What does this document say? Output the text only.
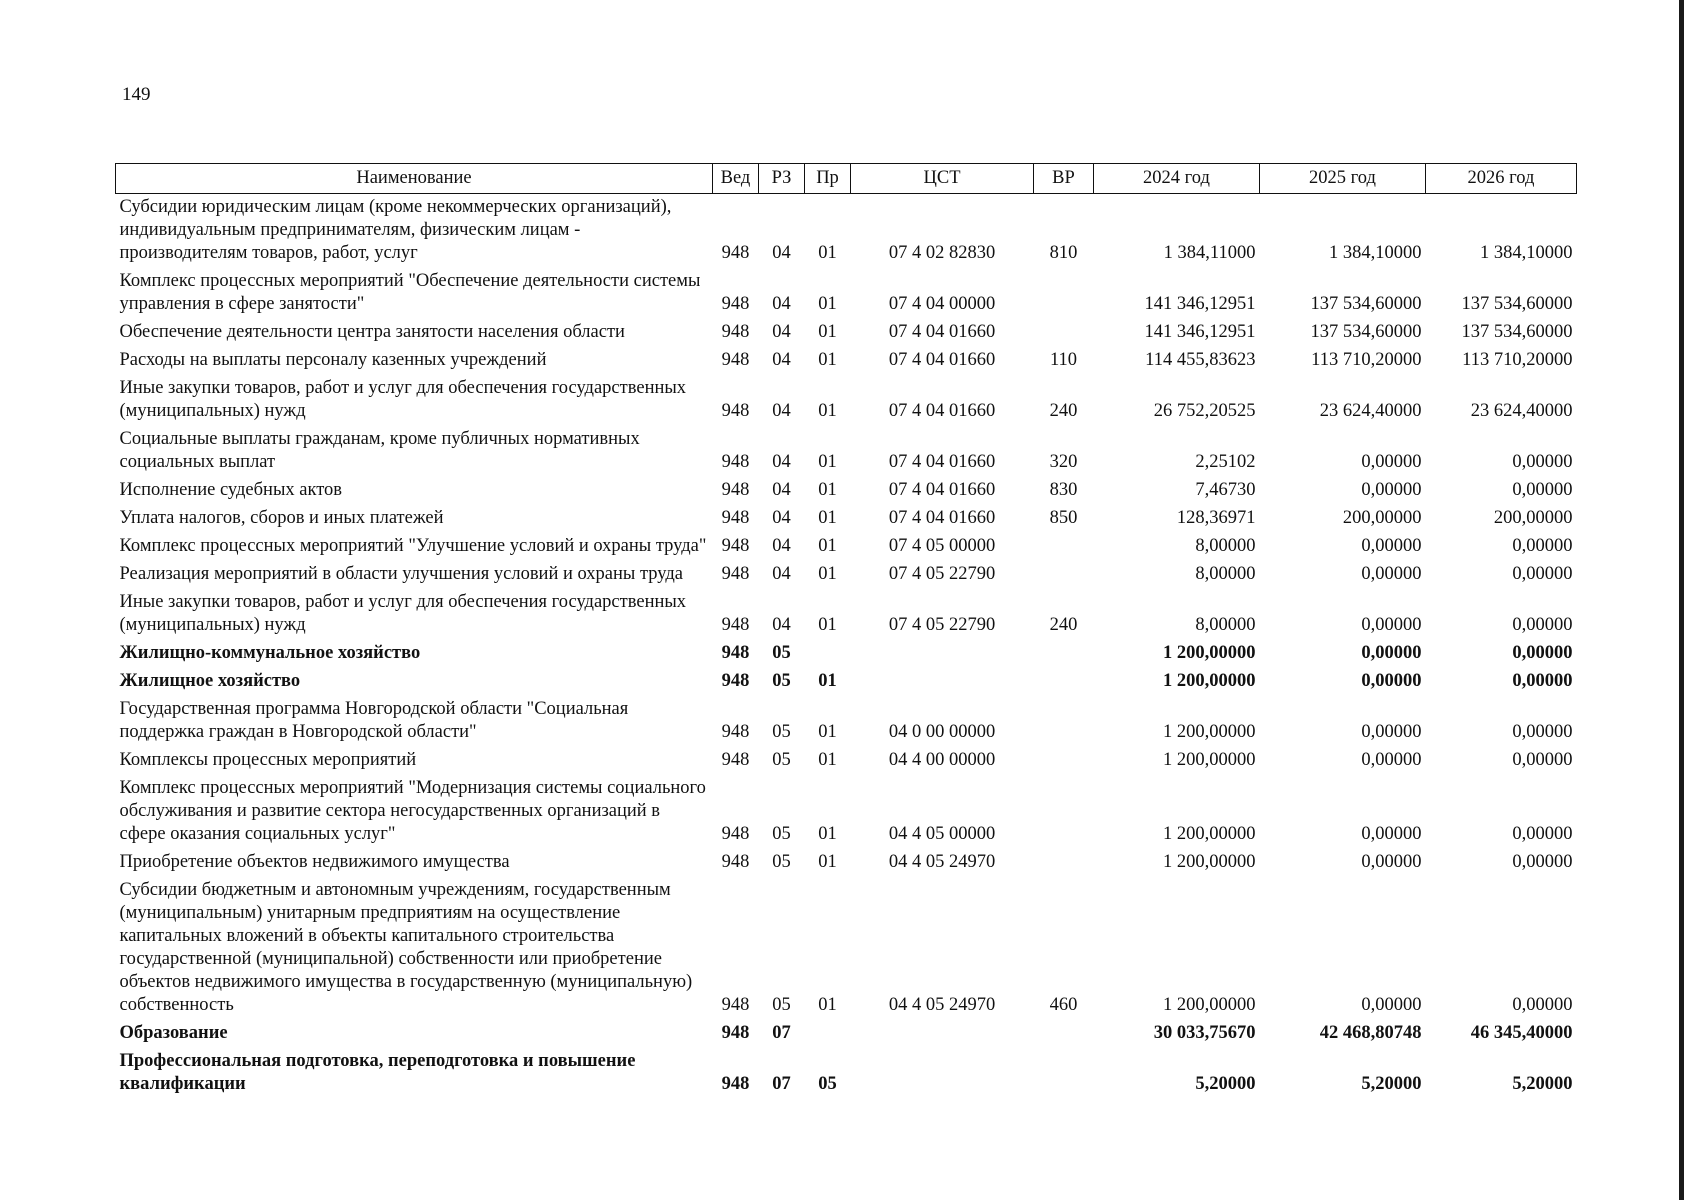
149
Наименование	Вед	РЗ	Пр	ЦСТ	ВР	2024 год	2025 год	2026 год
Субсидии юридическим лицам (кроме некоммерческих организаций), индивидуальным предпринимателям, физическим лицам - производителям товаров, работ, услуг	948	04	01	07 4 02 82830	810	1 384,11000	1 384,10000	1 384,10000
Комплекс процессных мероприятий "Обеспечение деятельности системы управления в сфере занятости"	948	04	01	07 4 04 00000		141 346,12951	137 534,60000	137 534,60000
Обеспечение деятельности центра занятости населения области	948	04	01	07 4 04 01660		141 346,12951	137 534,60000	137 534,60000
Расходы на выплаты персоналу казенных учреждений	948	04	01	07 4 04 01660	110	114 455,83623	113 710,20000	113 710,20000
Иные закупки товаров, работ и услуг для обеспечения государственных (муниципальных) нужд	948	04	01	07 4 04 01660	240	26 752,20525	23 624,40000	23 624,40000
Социальные выплаты гражданам, кроме публичных нормативных социальных выплат	948	04	01	07 4 04 01660	320	2,25102	0,00000	0,00000
Исполнение судебных актов	948	04	01	07 4 04 01660	830	7,46730	0,00000	0,00000
Уплата налогов, сборов и иных платежей	948	04	01	07 4 04 01660	850	128,36971	200,00000	200,00000
Комплекс процессных мероприятий "Улучшение условий и охраны труда"	948	04	01	07 4 05 00000		8,00000	0,00000	0,00000
Реализация мероприятий в области улучшения условий и охраны труда	948	04	01	07 4 05 22790		8,00000	0,00000	0,00000
Иные закупки товаров, работ и услуг для обеспечения государственных (муниципальных) нужд	948	04	01	07 4 05 22790	240	8,00000	0,00000	0,00000
Жилищно-коммунальное хозяйство	948	05				1 200,00000	0,00000	0,00000
Жилищное хозяйство	948	05	01			1 200,00000	0,00000	0,00000
Государственная программа Новгородской области "Социальная поддержка граждан в Новгородской области"	948	05	01	04 0 00 00000		1 200,00000	0,00000	0,00000
Комплексы процессных мероприятий	948	05	01	04 4 00 00000		1 200,00000	0,00000	0,00000
Комплекс процессных мероприятий "Модернизация системы социального обслуживания и развитие сектора негосударственных организаций в сфере оказания социальных услуг"	948	05	01	04 4 05 00000		1 200,00000	0,00000	0,00000
Приобретение объектов недвижимого имущества	948	05	01	04 4 05 24970		1 200,00000	0,00000	0,00000
Субсидии бюджетным и автономным учреждениям, государственным (муниципальным) унитарным предприятиям на осуществление капитальных вложений в объекты капитального строительства государственной (муниципальной) собственности или приобретение объектов недвижимого имущества в государственную (муниципальную) собственность	948	05	01	04 4 05 24970	460	1 200,00000	0,00000	0,00000
Образование	948	07				30 033,75670	42 468,80748	46 345,40000
Профессиональная подготовка, переподготовка и повышение квалификации	948	07	05			5,20000	5,20000	5,20000
